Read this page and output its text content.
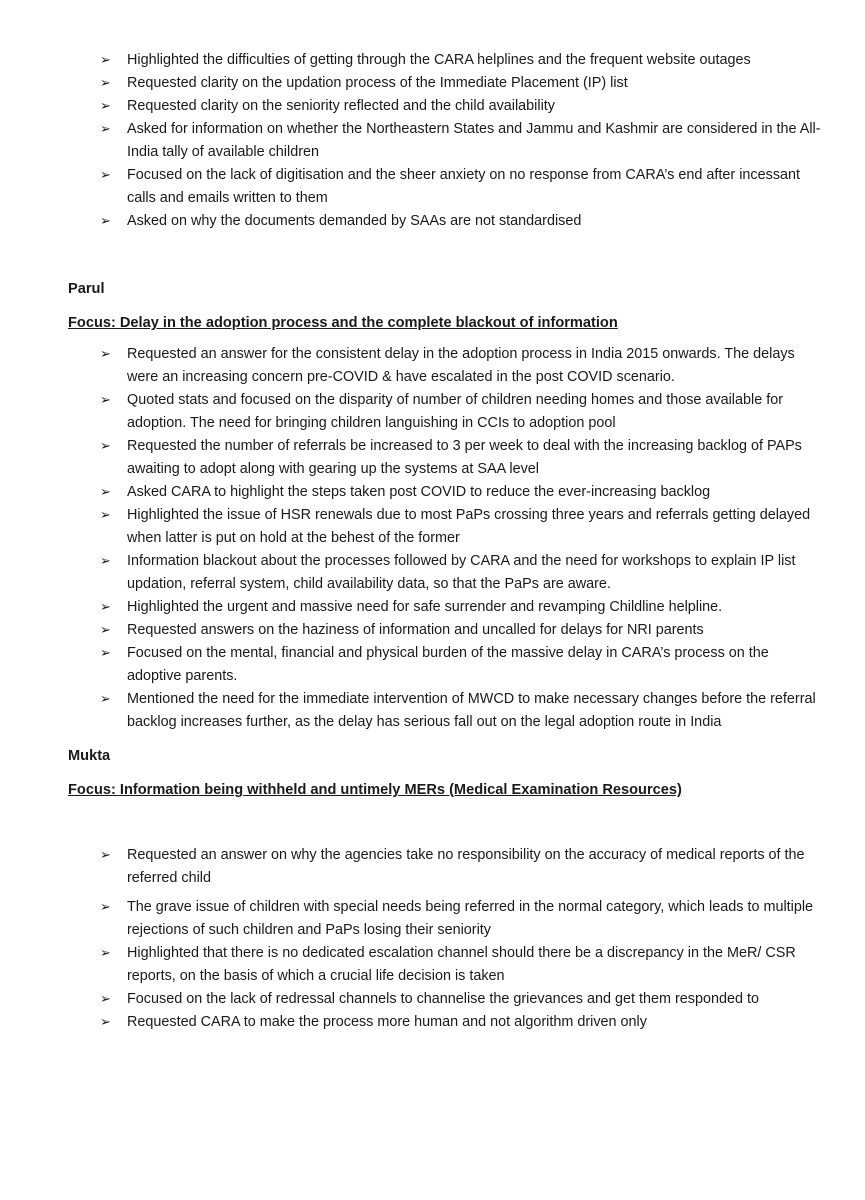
➢ Highlighted the difficulties of getting through the CARA helplines and the frequent website outages
➢ Requested clarity on the updation process of the Immediate Placement (IP) list
➢ Requested clarity on the seniority reflected and the child availability
➢ Asked for information on whether the Northeastern States and Jammu and Kashmir are considered in the All-India tally of available children
➢ Focused on the lack of digitisation and the sheer anxiety on no response from CARA’s end after incessant calls and emails written to them
➢ Asked on why the documents demanded by SAAs are not standardised

Parul

Focus: Delay in the adoption process and the complete blackout of information

➢ Requested an answer for the consistent delay in the adoption process in India 2015 onwards. The delays were an increasing concern pre-COVID & have escalated in the post COVID scenario.
➢ Quoted stats and focused on the disparity of number of children needing homes and those available for adoption. The need for bringing children languishing in CCIs to adoption pool
➢ Requested the number of referrals be increased to 3 per week to deal with the increasing backlog of PAPs awaiting to adopt along with gearing up the systems at SAA level
➢ Asked CARA to highlight the steps taken post COVID to reduce the ever-increasing backlog
➢ Highlighted the issue of HSR renewals due to most PaPs crossing three years and referrals getting delayed when latter is put on hold at the behest of the former
➢ Information blackout about the processes followed by CARA and the need for workshops to explain IP list updation, referral system, child availability data, so that the PaPs are aware.
➢ Highlighted the urgent and massive need for safe surrender and revamping Childline helpline.
➢ Requested answers on the haziness of information and uncalled for delays for NRI parents
➢ Focused on the mental, financial and physical burden of the massive delay in CARA’s process on the adoptive parents.
➢ Mentioned the need for the immediate intervention of MWCD to make necessary changes before the referral backlog increases further, as the delay has serious fall out on the legal adoption route in India

Mukta

Focus: Information being withheld and untimely MERs (Medical Examination Resources)

➢ Requested an answer on why the agencies take no responsibility on the accuracy of medical reports of the referred child
➢ The grave issue of children with special needs being referred in the normal category, which leads to multiple rejections of such children and PaPs losing their seniority
➢ Highlighted that there is no dedicated escalation channel should there be a discrepancy in the MeR/ CSR reports, on the basis of which a crucial life decision is taken
➢ Focused on the lack of redressal channels to channelise the grievances and get them responded to
➢ Requested CARA to make the process more human and not algorithm driven only
